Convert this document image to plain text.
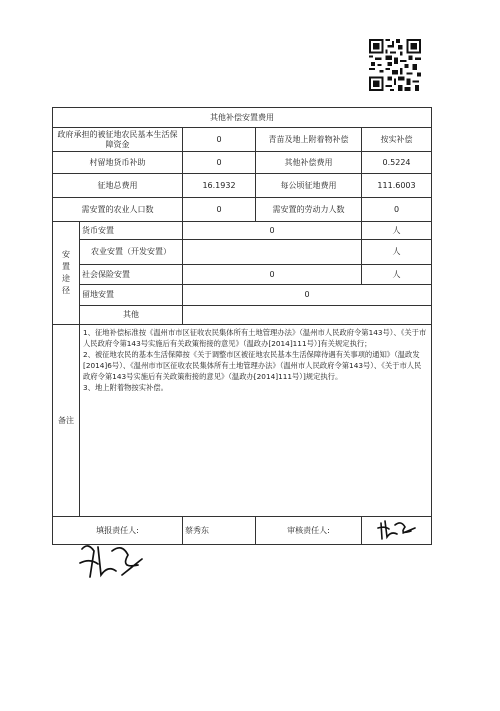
其他补偿安置费用				
政府承担的被征地农民基本生活保障资金		0	青苗及地上附着物补偿	按实补偿
村留地货币补助		0	其他补偿费用	0.5224
征地总费用		16.1932	每公顷征地费用	111.6003
需安置的农业人口数		0	需安置的劳动力人数	0

安置途径	货币安置	0		人
	农业安置（开发安置）			人
	社会保险安置	0		人
	留地安置	0		
	其他			
备注	1、征地补偿标准按《温州市市区征收农民集体所有土地管理办法》（温州市人民政府令第143号）、《关于市人民政府令第143号实施后有关政策衔接的意见》（温政办[2014]111号）]有关规定执行；

2、被征地农民的基本生活保障按《关于调整市区被征地农民基本生活保障待遇有关事项的通知》（温政发[2014]6号）、《温州市市区征收农民集体所有土地管理办法》（温州市人民政府令第143号）、《关于市人民政府令第143号实施后有关政策衔接的意见》（温政办[2014]111号）]规定执行。

3、地上附着物按实补偿。			

填报责任人:		蔡秀东	审核责任人:	
